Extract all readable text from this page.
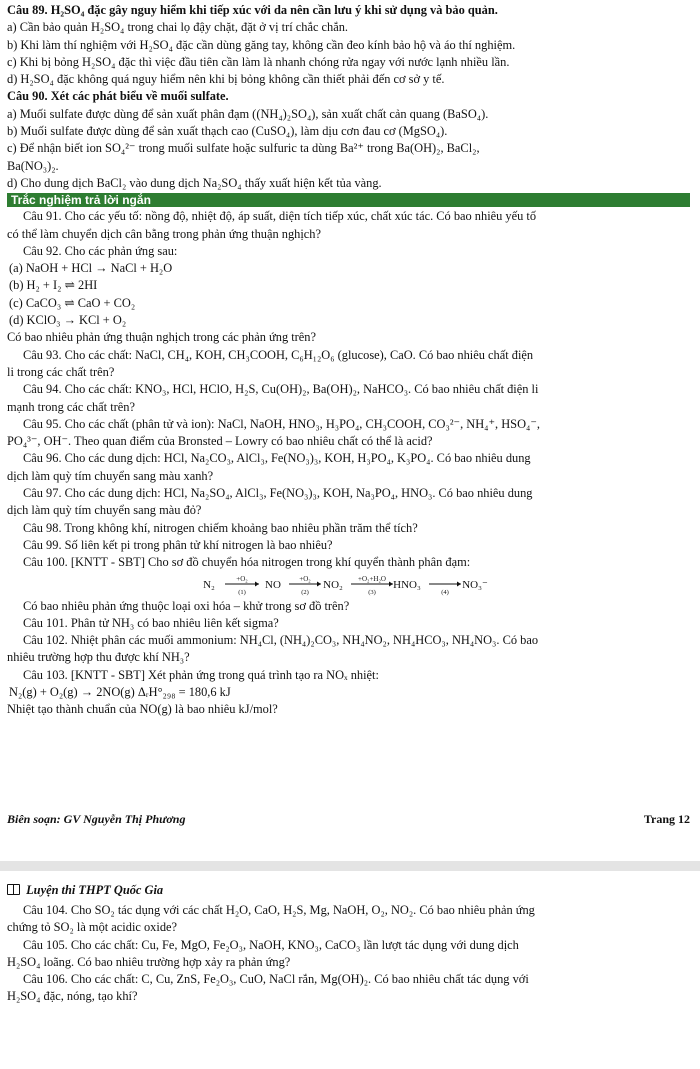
Câu 89. H₂SO₄ đặc gây nguy hiểm khi tiếp xúc với da nên cần lưu ý khi sử dụng và bảo quản.

a) Cần bảo quản H₂SO₄ trong chai lọ đậy chặt, đặt ở vị trí chắc chắn.

b) Khi làm thí nghiệm với H₂SO₄ đặc cần dùng găng tay, không cần đeo kính bảo hộ và áo thí nghiệm.

c) Khi bị bỏng H₂SO₄ đặc thì việc đầu tiên cần làm là nhanh chóng rửa ngay với nước lạnh nhiều lần.

d) H₂SO₄ đặc không quá nguy hiểm nên khi bị bỏng không cần thiết phải đến cơ sở y tế.

Câu 90. Xét các phát biểu về muối sulfate.

a) Muối sulfate được dùng để sản xuất phân đạm ((NH₄)₂SO₄), sản xuất chất cản quang (BaSO₄).

b) Muối sulfate được dùng để sản xuất thạch cao (CuSO₄), làm dịu cơn đau cơ (MgSO₄).

c) Để nhận biết ion SO₄²⁻ trong muối sulfate hoặc sulfuric ta dùng Ba²⁺ trong Ba(OH)₂, BaCl₂,

Ba(NO₃)₂.

d) Cho dung dịch BaCl₂ vào dung dịch Na₂SO₄ thấy xuất hiện kết tủa vàng.

Trắc nghiệm trả lời ngắn

Câu 91. Cho các yếu tố: nồng độ, nhiệt độ, áp suất, diện tích tiếp xúc, chất xúc tác. Có bao nhiêu yếu tố

có thể làm chuyển dịch cân bằng trong phản ứng thuận nghịch?

Câu 92. Cho các phản ứng sau:

(a) NaOH + HCl → NaCl + H₂O

(b) H₂ + I₂ ⇌ 2HI

(c) CaCO₃ ⇌ CaO + CO₂

(d) KClO₃ → KCl + O₂

Có bao nhiêu phản ứng thuận nghịch trong các phản ứng trên?

Câu 93. Cho các chất: NaCl, CH₄, KOH, CH₃COOH, C₆H₁₂O₆ (glucose), CaO. Có bao nhiêu chất điện

li trong các chất trên?

Câu 94. Cho các chất: KNO₃, HCl, HClO, H₂S, Cu(OH)₂, Ba(OH)₂, NaHCO₃. Có bao nhiêu chất điện li

mạnh trong các chất trên?

Câu 95. Cho các chất (phân tử và ion): NaCl, NaOH, HNO₃, H₃PO₄, CH₃COOH, CO₃²⁻, NH₄⁺, HSO₄⁻,

PO₄³⁻, OH⁻. Theo quan điểm của Bronsted – Lowry có bao nhiêu chất có thể là acid?

Câu 96. Cho các dung dịch: HCl, Na₂CO₃, AlCl₃, Fe(NO₃)₃, KOH, H₃PO₄, K₃PO₄. Có bao nhiêu dung

dịch làm quỳ tím chuyển sang màu xanh?

Câu 97. Cho các dung dịch: HCl, Na₂SO₄, AlCl₃, Fe(NO₃)₃, KOH, Na₃PO₄, HNO₃. Có bao nhiêu dung

dịch làm quỳ tím chuyển sang màu đỏ?

Câu 98. Trong không khí, nitrogen chiếm khoảng bao nhiêu phần trăm thể tích?

Câu 99. Số liên kết pi trong phân tử khí nitrogen là bao nhiêu?

Câu 100. [KNTT - SBT] Cho sơ đồ chuyển hóa nitrogen trong khí quyển thành phân đạm:

N₂	NO	NO₂	HNO₃	NO₃⁻
+O₂
(1)
+O₂
(2)
+O₂+H₂O
(3)	(4)

Có bao nhiêu phản ứng thuộc loại oxi hóa – khử trong sơ đồ trên?

Câu 101. Phân tử NH₃ có bao nhiêu liên kết sigma?

Câu 102. Nhiệt phân các muối ammonium: NH₄Cl, (NH₄)₂CO₃, NH₄NO₂, NH₄HCO₃, NH₄NO₃. Có bao

nhiêu trường hợp thu được khí NH₃?

Câu 103. [KNTT - SBT] Xét phản ứng trong quá trình tạo ra NOₓ nhiệt:

N₂(g) + O₂(g) → 2NO(g) ΔᵣH°₂₉₈ = 180,6 kJ

Nhiệt tạo thành chuẩn của NO(g) là bao nhiêu kJ/mol?

Biên soạn: GV Nguyễn Thị Phương	Trang 12
Luyện thi THPT Quốc Gia

Câu 104. Cho SO₂ tác dụng với các chất H₂O, CaO, H₂S, Mg, NaOH, O₂, NO₂. Có bao nhiêu phản ứng

chứng tỏ SO₂ là một acidic oxide?

Câu 105. Cho các chất: Cu, Fe, MgO, Fe₂O₃, NaOH, KNO₃, CaCO₃ lần lượt tác dụng với dung dịch

H₂SO₄ loãng. Có bao nhiêu trường hợp xảy ra phản ứng?

Câu 106. Cho các chất: C, Cu, ZnS, Fe₂O₃, CuO, NaCl rắn, Mg(OH)₂. Có bao nhiêu chất tác dụng với

H₂SO₄ đặc, nóng, tạo khí?
